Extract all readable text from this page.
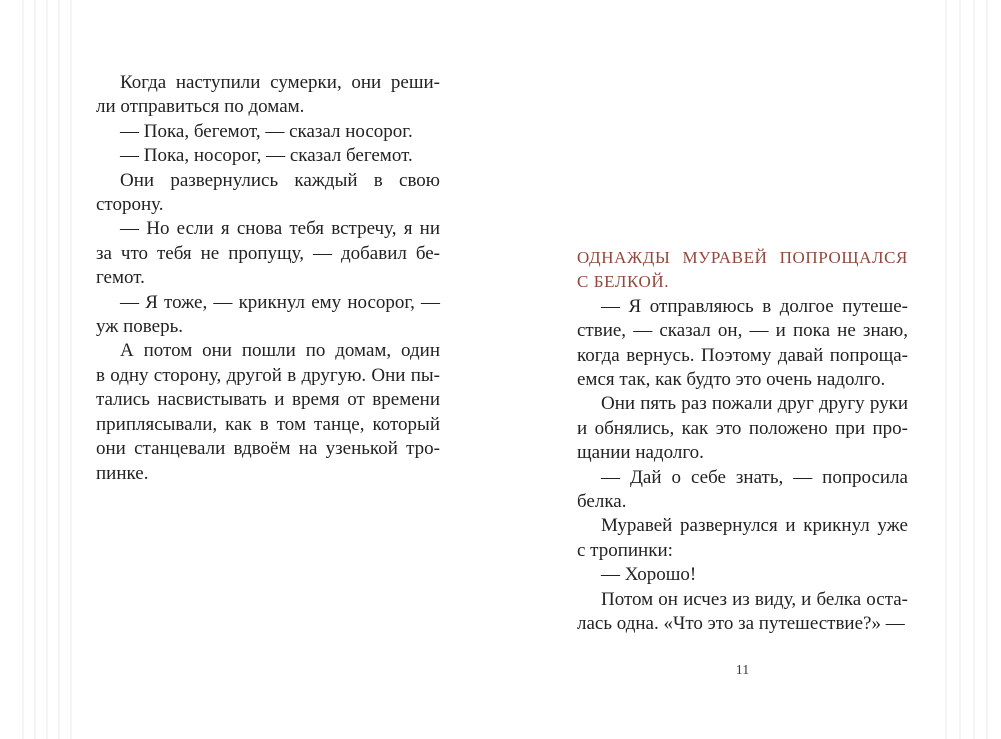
Когда наступили сумерки, они реши-
ли отправиться по домам.
— Пока, бегемот, — сказал носорог.
— Пока, носорог, — сказал бегемот.
Они развернулись каждый в свою
сторону.
— Но если я снова тебя встречу, я ни
за что тебя не пропущу, — добавил бе-
гемот.
— Я тоже, — крикнул ему носорог, —
уж поверь.
А потом они пошли по домам, один
в одну сторону, другой в другую. Они пы-
тались насвистывать и время от времени
приплясывали, как в том танце, который
они станцевали вдвоём на узенькой тро-
пинке.
ОДНАЖДЫ МУРАВЕЙ ПОПРОЩАЛСЯ
С БЕЛКОЙ.
— Я отправляюсь в долгое путеше-
ствие, — сказал он, — и пока не знаю,
когда вернусь. Поэтому давай попроща-
емся так, как будто это очень надолго.
Они пять раз пожали друг другу руки
и обнялись, как это положено при про-
щании надолго.
— Дай о себе знать, — попросила
белка.
Муравей развернулся и крикнул уже
с тропинки:
— Хорошо!
Потом он исчез из виду, и белка оста-
лась одна. «Что это за путешествие?» —
11
